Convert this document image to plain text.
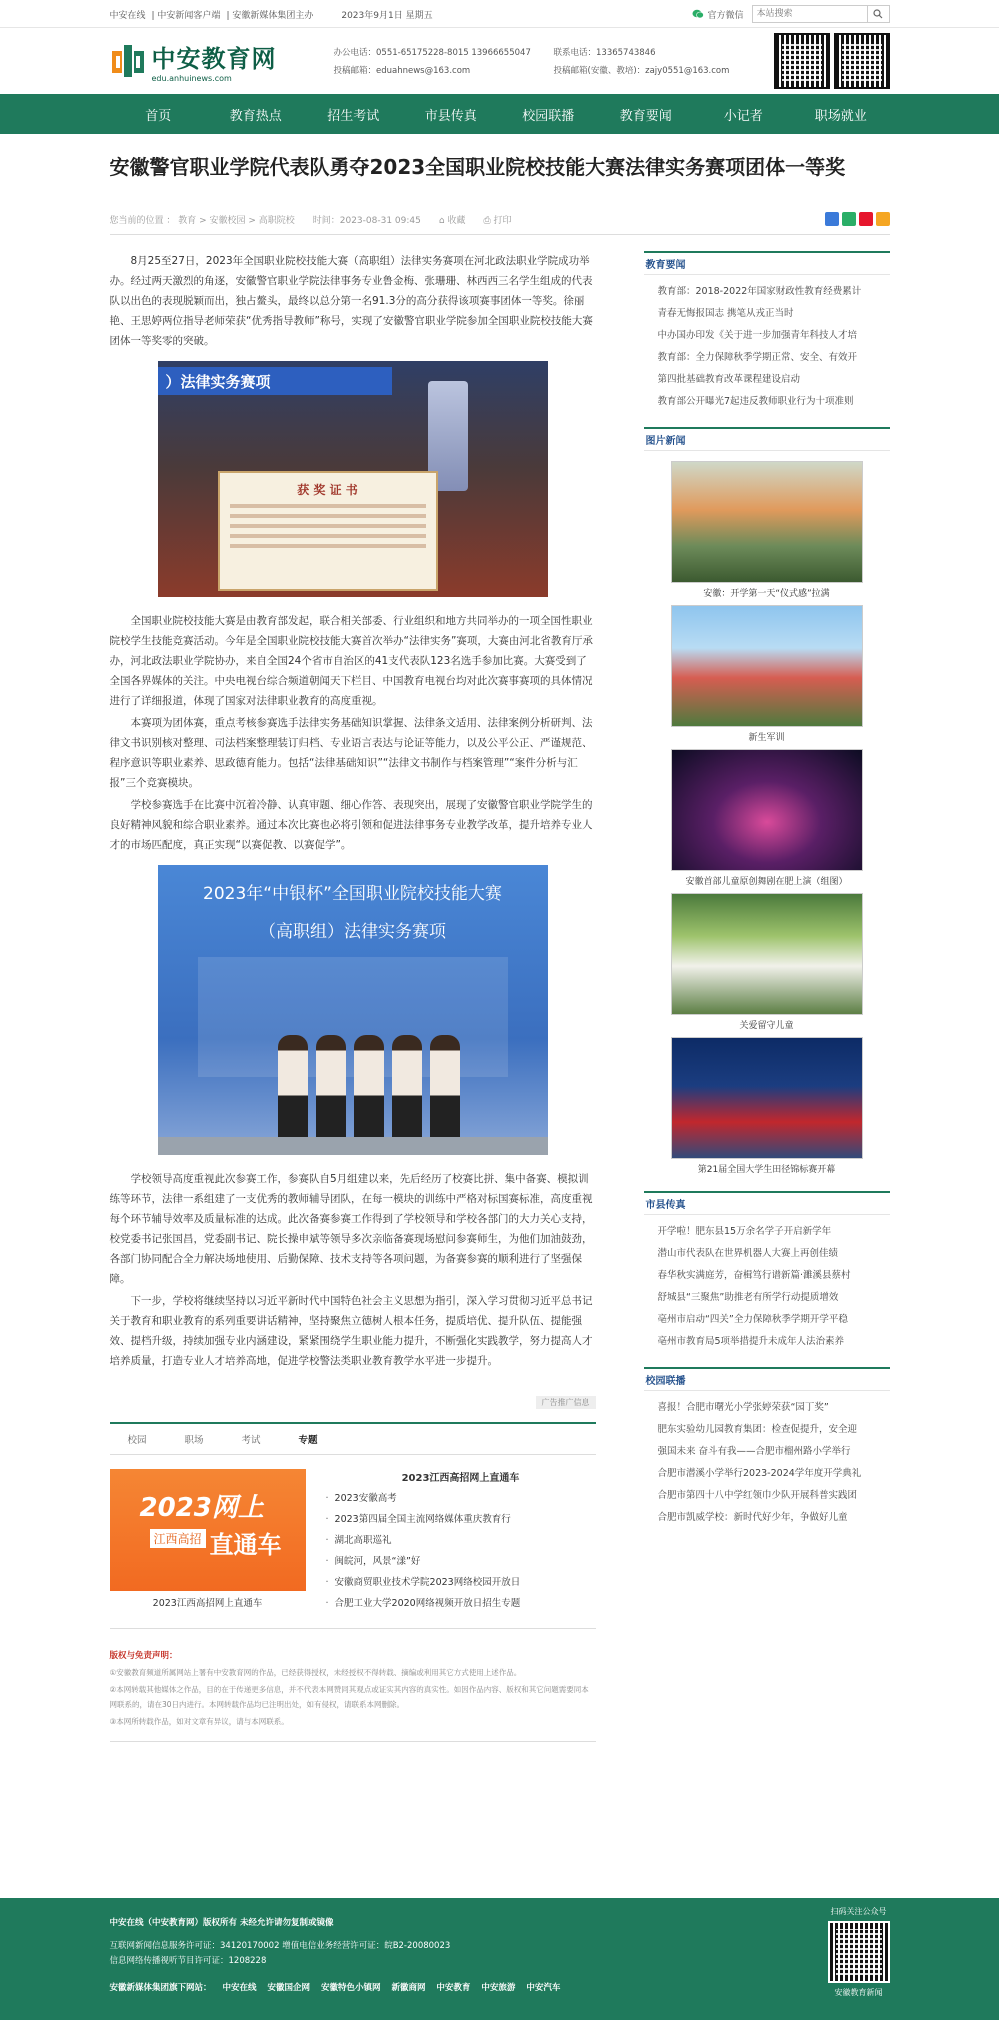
中安在线 | 中安新闻客户端 | 安徽新媒体集团主办	2023年9月1日 星期五	官方微信
本站搜索
中安教育网
edu.anhuinews.com
办公电话：0551-65175228-8015 13966655047	联系电话：13365743846
投稿邮箱：eduahnews@163.com	投稿邮箱(安徽、教培)：zajy0551@163.com
首页	教育热点	招生考试	市县传真	校园联播	教育要闻	小记者	职场就业
安徽警官职业学院代表队勇夺2023全国职业院校技能大赛法律实务赛项团体一等奖
您当前的位置 ： 教育 > 安徽校园 > 高职院校 时间：2023-08-31 09:45 ⌂ 收藏 ⎙ 打印

8月25至27日，2023年全国职业院校技能大赛（高职组）法律实务赛项在河北政法职业学院成功举办。经过两天激烈的角逐，安徽警官职业学院法律事务专业鲁金梅、张珊珊、林西西三名学生组成的代表队以出色的表现脱颖而出，独占鳌头，最终以总分第一名91.3分的高分获得该项赛事团体一等奖。徐丽艳、王思婷两位指导老师荣获“优秀指导教师”称号，实现了安徽警官职业学院参加全国职业院校技能大赛团体一等奖零的突破。

）法律实务赛项
获 奖 证 书

全国职业院校技能大赛是由教育部发起，联合相关部委、行业组织和地方共同举办的一项全国性职业院校学生技能竞赛活动。今年是全国职业院校技能大赛首次举办“法律实务”赛项，大赛由河北省教育厅承办，河北政法职业学院协办，来自全国24个省市自治区的41支代表队123名选手参加比赛。大赛受到了全国各界媒体的关注。中央电视台综合频道朝闻天下栏目、中国教育电视台均对此次赛事赛项的具体情况进行了详细报道，体现了国家对法律职业教育的高度重视。

本赛项为团体赛，重点考核参赛选手法律实务基础知识掌握、法律条文适用、法律案例分析研判、法律文书识别核对整理、司法档案整理装订归档、专业语言表达与论证等能力，以及公平公正、严谨规范、程序意识等职业素养、思政德育能力。包括“法律基础知识”“法律文书制作与档案管理”“案件分析与汇报”三个竞赛模块。

学校参赛选手在比赛中沉着冷静、认真审题、细心作答、表现突出，展现了安徽警官职业学院学生的良好精神风貌和综合职业素养。通过本次比赛也必将引领和促进法律事务专业教学改革，提升培养专业人才的市场匹配度，真正实现“以赛促教、以赛促学”。

2023年“中银杯”全国职业院校技能大赛
（高职组）法律实务赛项

学校领导高度重视此次参赛工作，参赛队自5月组建以来，先后经历了校赛比拼、集中备赛、模拟训练等环节，法律一系组建了一支优秀的教师辅导团队，在每一模块的训练中严格对标国赛标准，高度重视每个环节辅导效率及质量标准的达成。此次备赛参赛工作得到了学校领导和学校各部门的大力关心支持，校党委书记张国昌，党委副书记、院长操申斌等领导多次亲临备赛现场慰问参赛师生，为他们加油鼓劲，各部门协同配合全力解决场地使用、后勤保障、技术支持等各项问题，为备赛参赛的顺利进行了坚强保障。

下一步，学校将继续坚持以习近平新时代中国特色社会主义思想为指引，深入学习贯彻习近平总书记关于教育和职业教育的系列重要讲话精神，坚持聚焦立德树人根本任务，提质培优、提升队伍、提能强效、提档升级，持续加强专业内涵建设，紧紧围绕学生职业能力提升，不断强化实践教学，努力提高人才培养质量，打造专业人才培养高地，促进学校警法类职业教育教学水平进一步提升。

广告推广信息
校园	职场	考试	专题
2023网上
江西高招 直通车
2023江西高招网上直通车
2023江西高招网上直通车
· 2023安徽高考
· 2023第四届全国主流网络媒体重庆教育行
· 湖北高职巡礼
· 闽皖河，风景“漾”好
· 安徽商贸职业技术学院2023网络校园开放日
· 合肥工业大学2020网络视频开放日招生专题
版权与免责声明：

①安徽教育频道所属网站上署有中安教育网的作品，已经获得授权，未经授权不得转载、摘编或利用其它方式使用上述作品。

②本网转载其他媒体之作品，目的在于传递更多信息，并不代表本网赞同其观点或证实其内容的真实性。如因作品内容、版权和其它问题需要同本网联系的，请在30日内进行。本网转载作品均已注明出处，如有侵权，请联系本网删除。

③本网所转载作品，如对文章有异议，请与本网联系。

教育要闻
教育部：2018-2022年国家财政性教育经费累计
青春无悔报国志 携笔从戎正当时
中办国办印发《关于进一步加强青年科技人才培
教育部：全力保障秋季学期正常、安全、有效开
第四批基础教育改革课程建设启动
教育部公开曝光7起违反教师职业行为十项准则
图片新闻
安徽：开学第一天“仪式感”拉满
新生军训
安徽首部儿童原创舞剧在肥上演（组图）
关爱留守儿童
第21届全国大学生田径锦标赛开幕
市县传真
开学啦！肥东县15万余名学子开启新学年
潜山市代表队在世界机器人大赛上再创佳绩
春华秋实满庭芳，奋楫笃行谱新篇·濉溪县蔡村
舒城县“三聚焦”助推老有所学行动提质增效
亳州市启动“四关”全力保障秋季学期开学平稳
亳州市教育局5项举措提升未成年人法治素养
校园联播
喜报！合肥市曙光小学张婷荣获“园丁奖”
肥东实验幼儿园教育集团：检查促提升，安全迎
强国未来 奋斗有我——合肥市榴州路小学举行
合肥市潜溪小学举行2023-2024学年度开学典礼
合肥市第四十八中学红领巾少队开展科普实践团
合肥市凯威学校：新时代好少年，争做好儿童
中安在线（中安教育网）版权所有 未经允许请勿复制或镜像
互联网新闻信息服务许可证：34120170002 增值电信业务经营许可证：皖B2-20080023
信息网络传播视听节目许可证：1208228
安徽新媒体集团旗下网站： 中安在线 安徽国企网 安徽特色小镇网 新徽商网 中安教育 中安旅游 中安汽车
扫码关注公众号
安徽教育新闻
